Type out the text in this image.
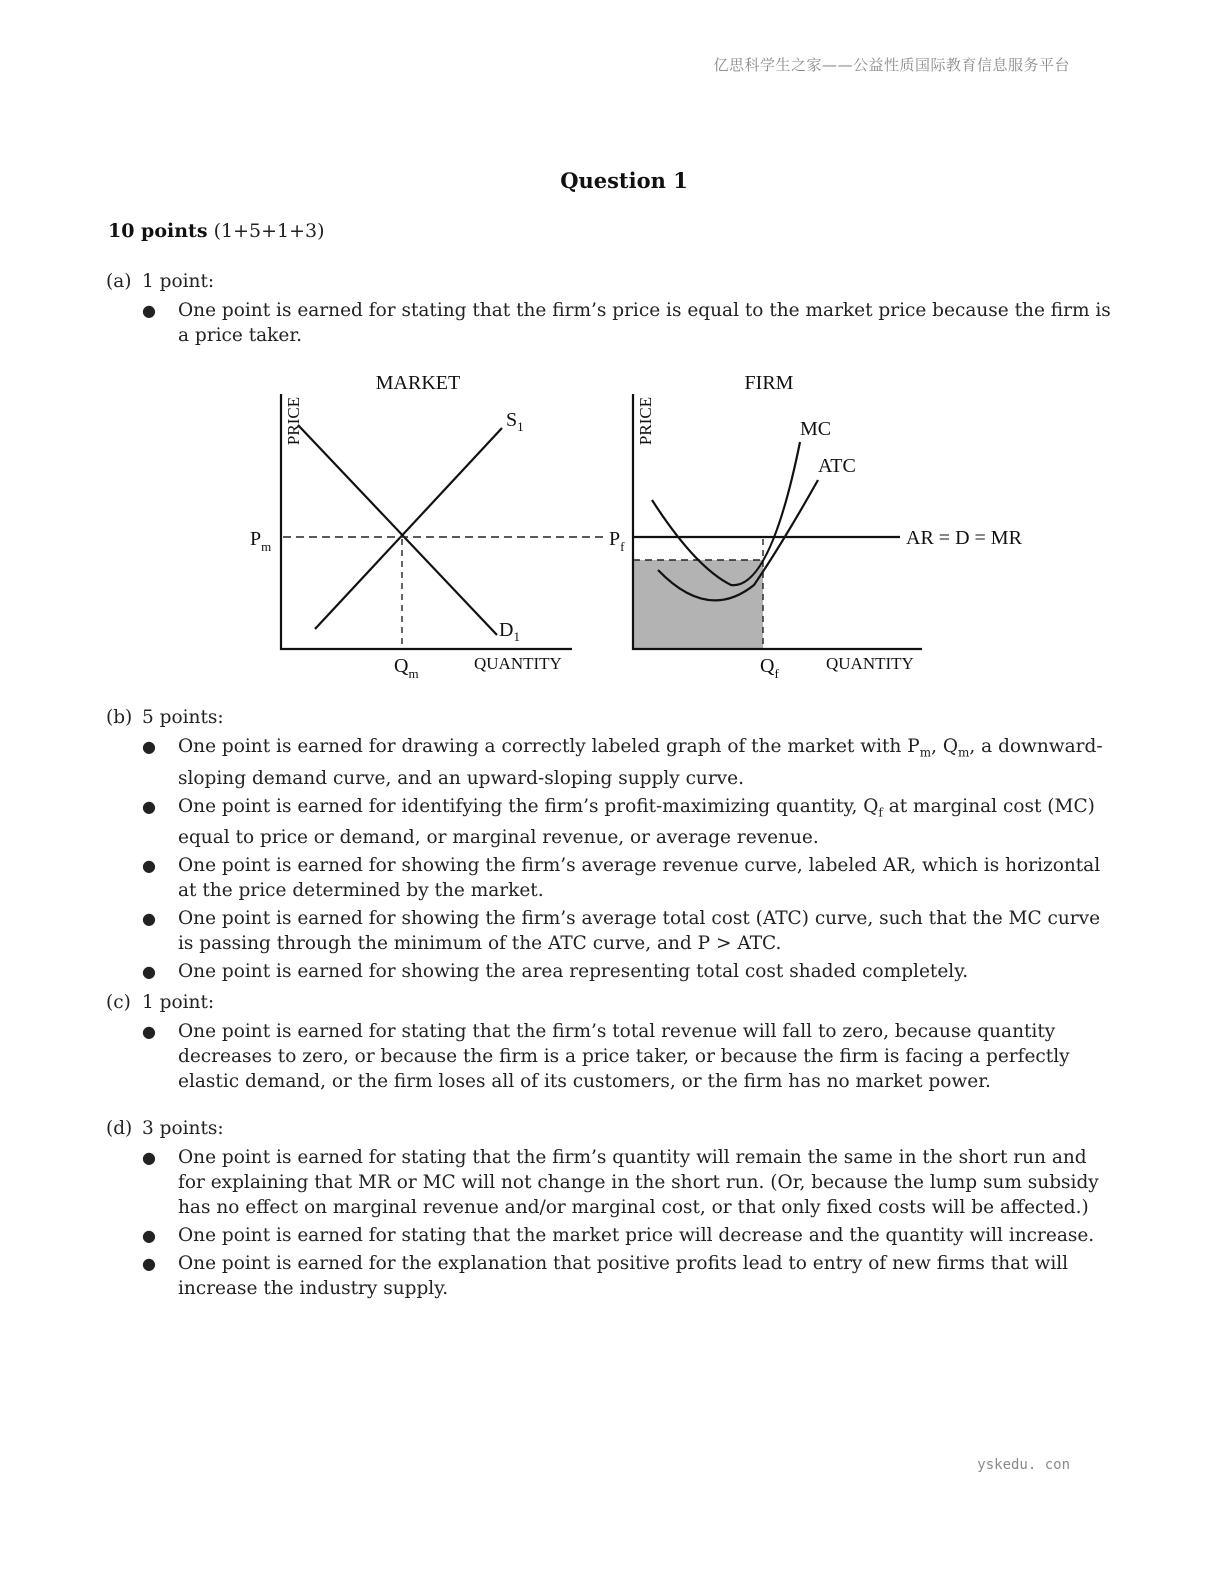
亿思科学生之家——公益性质国际教育信息服务平台
Question 1
10 points (1+5+1+3)
(a) 1 point:
● One point is earned for stating that the firm’s price is equal to the market price because the firm is a price taker.
MARKET
PRICE	$S_1$
$D_1$
$P_m$
$Q_m$
QUANTITY
FIRM
PRICE	MC
ATC
AR = D = MR
$P_f$
$Q_f$
QUANTITY
(b) 5 points:
● One point is earned for drawing a correctly labeled graph of the market with $P_m$, $Q_m$, a downward-sloping demand curve, and an upward-sloping supply curve.
● One point is earned for identifying the firm’s profit-maximizing quantity, $Q_f$ at marginal cost (MC) equal to price or demand, or marginal revenue, or average revenue.
● One point is earned for showing the firm’s average revenue curve, labeled AR, which is horizontal at the price determined by the market.
● One point is earned for showing the firm’s average total cost (ATC) curve, such that the MC curve is passing through the minimum of the ATC curve, and P > ATC.
● One point is earned for showing the area representing total cost shaded completely.
(c) 1 point:
● One point is earned for stating that the firm’s total revenue will fall to zero, because quantity decreases to zero, or because the firm is a price taker, or because the firm is facing a perfectly elastic demand, or the firm loses all of its customers, or the firm has no market power.
(d) 3 points:
● One point is earned for stating that the firm’s quantity will remain the same in the short run and for explaining that MR or MC will not change in the short run. (Or, because the lump sum subsidy has no effect on marginal revenue and/or marginal cost, or that only fixed costs will be affected.)
● One point is earned for stating that the market price will decrease and the quantity will increase.
● One point is earned for the explanation that positive profits lead to entry of new firms that will increase the industry supply.
yskedu. con
